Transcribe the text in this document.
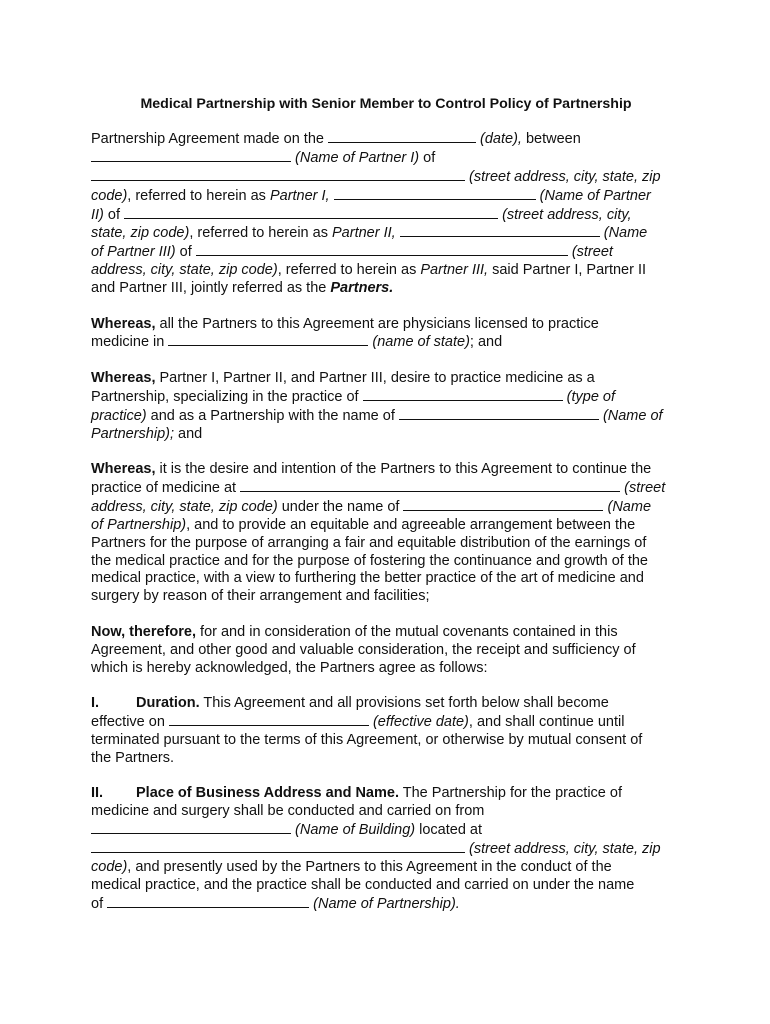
Medical Partnership with Senior Member to Control Policy of Partnership
Partnership Agreement made on the	(date), between
(Name of Partner I) of
(street address, city, state, zip
code), referred to herein as Partner I,	(Name of Partner
II) of	(street address, city,
state, zip code), referred to herein as Partner II,	(Name
of Partner III) of	(street
address, city, state, zip code), referred to herein as Partner III, said Partner I, Partner II
and Partner III, jointly referred as the Partners.
Whereas, all the Partners to this Agreement are physicians licensed to practice
medicine in	(name of state); and
Whereas, Partner I, Partner II, and Partner III, desire to practice medicine as a
Partnership, specializing in the practice of	(type of
practice) and as a Partnership with the name of	(Name of
Partnership); and
Whereas, it is the desire and intention of the Partners to this Agreement to continue the
practice of medicine at	(street
address, city, state, zip code) under the name of	(Name
of Partnership), and to provide an equitable and agreeable arrangement between the
Partners for the purpose of arranging a fair and equitable distribution of the earnings of
the medical practice and for the purpose of fostering the continuance and growth of the
medical practice, with a view to furthering the better practice of the art of medicine and
surgery by reason of their arrangement and facilities;
Now, therefore, for and in consideration of the mutual covenants contained in this
Agreement, and other good and valuable consideration, the receipt and sufficiency of
which is hereby acknowledged, the Partners agree as follows:
I.	Duration. This Agreement and all provisions set forth below shall become
effective on	(effective date), and shall continue until
terminated pursuant to the terms of this Agreement, or otherwise by mutual consent of
the Partners.
II. Place of Business Address and Name. The Partnership for the practice of
medicine and surgery shall be conducted and carried on from
(Name of Building) located at
(street address, city, state, zip
code), and presently used by the Partners to this Agreement in the conduct of the
medical practice, and the practice shall be conducted and carried on under the name
of	(Name of Partnership).
